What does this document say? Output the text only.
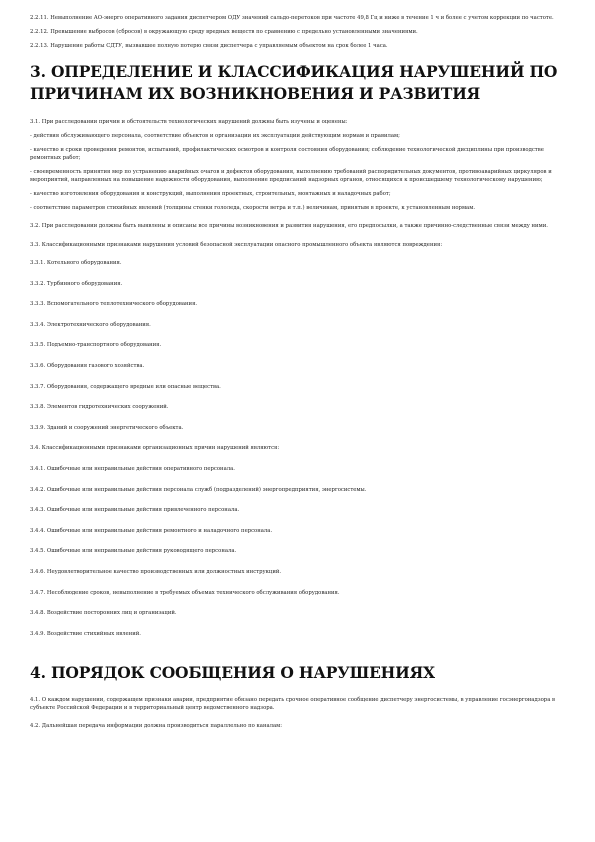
2.2.11. Невыполнение АО-энерго оперативного задания диспетчером ОДУ значений сальдо-перетоков при частоте 49,8 Гц и ниже в течение 1 ч и более с учетом коррекции по частоте.

2.2.12. Превышение выбросов (сбросов) в окружающую среду вредных веществ по сравнению с предельно установленными значениями.

2.2.13. Нарушение работы СДТУ, вызвавшее полную потерю связи диспетчера с управляемым объектом на срок более 1 часа.

3. ОПРЕДЕЛЕНИЕ И КЛАССИФИКАЦИЯ НАРУШЕНИЙ ПО ПРИЧИНАМ ИХ ВОЗНИКНОВЕНИЯ И РАЗВИТИЯ

3.1. При расследовании причин и обстоятельств технологических нарушений должны быть изучены и оценены:

- действия обслуживающего персонала, соответствие объектов и организации их эксплуатации действующим нормам и правилам;

- качество и сроки проведения ремонтов, испытаний, профилактических осмотров и контроля состояния оборудования; соблюдение технологической дисциплины при производстве ремонтных работ;

- своевременность принятия мер по устранению аварийных очагов и дефектов оборудования, выполнению требований распорядительных документов, противоаварийных циркуляров и мероприятий, направленных на повышение надежности оборудования, выполнение предписаний надзорных органов, относящихся к происшедшему технологическому нарушению;

- качество изготовления оборудования и конструкций, выполнения проектных, строительных, монтажных и наладочных работ;

- соответствие параметров стихийных явлений (толщины стенки гололеда, скорости ветра и т.п.) величинам, принятым в проекте, к установленным нормам.

3.2. При расследовании должны быть выявлены и описаны все причины возникновения и развития нарушения, его предпосылки, а также причинно-следственные связи между ними.

3.3. Классификационными признаками нарушения условий безопасной эксплуатации опасного промышленного объекта являются повреждения:

3.3.1. Котельного оборудования.

3.3.2. Турбинного оборудования.

3.3.3. Вспомогательного теплотехнического оборудования.

3.3.4. Электротехнического оборудования.

3.3.5. Подъемно-транспортного оборудования.

3.3.6. Оборудования газового хозяйства.

3.3.7. Оборудования, содержащего вредные или опасные вещества.

3.3.8. Элементов гидротехнических сооружений.

3.3.9. Зданий и сооружений энергетического объекта.

3.4. Классификационными признаками организационных причин нарушений являются:

3.4.1. Ошибочные или неправильные действия оперативного персонала.

3.4.2. Ошибочные или неправильные действия персонала служб (подразделений) энергопредприятия, энергосистемы.

3.4.3. Ошибочные или неправильные действия привлеченного персонала.

3.4.4. Ошибочные или неправильные действия ремонтного и наладочного персонала.

3.4.5. Ошибочные или неправильные действия руководящего персонала.

3.4.6. Неудовлетворительное качество производственных или должностных инструкций.

3.4.7. Несоблюдение сроков, невыполнение в требуемых объемах технического обслуживания оборудования.

3.4.8. Воздействие посторонних лиц и организаций.

3.4.9. Воздействие стихийных явлений.

4. ПОРЯДОК СООБЩЕНИЯ О НАРУШЕНИЯХ

4.1. О каждом нарушении, содержащем признаки аварии, предприятие обязано передать срочное оперативное сообщение диспетчеру энергосистемы, в управление госэнергонадзора в субъекте Российской Федерации и в территориальный центр ведомственного надзора.

4.2. Дальнейшая передача информации должна производиться параллельно по каналам:
